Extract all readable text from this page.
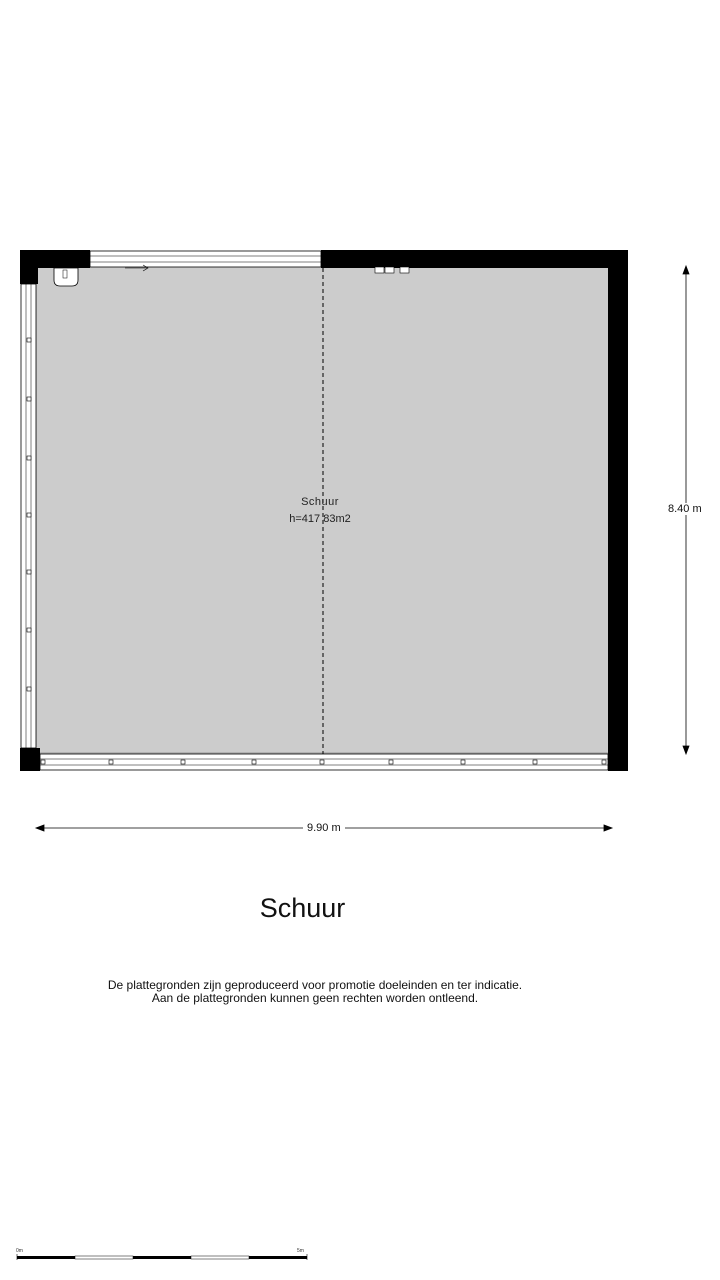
Schuur
h=417 83m2
8.40 m
9.90 m
Schuur
De plattegronden zijn geproduceerd voor promotie doeleinden en ter indicatie.
Aan de plattegronden kunnen geen rechten worden ontleend.
0m	5m
